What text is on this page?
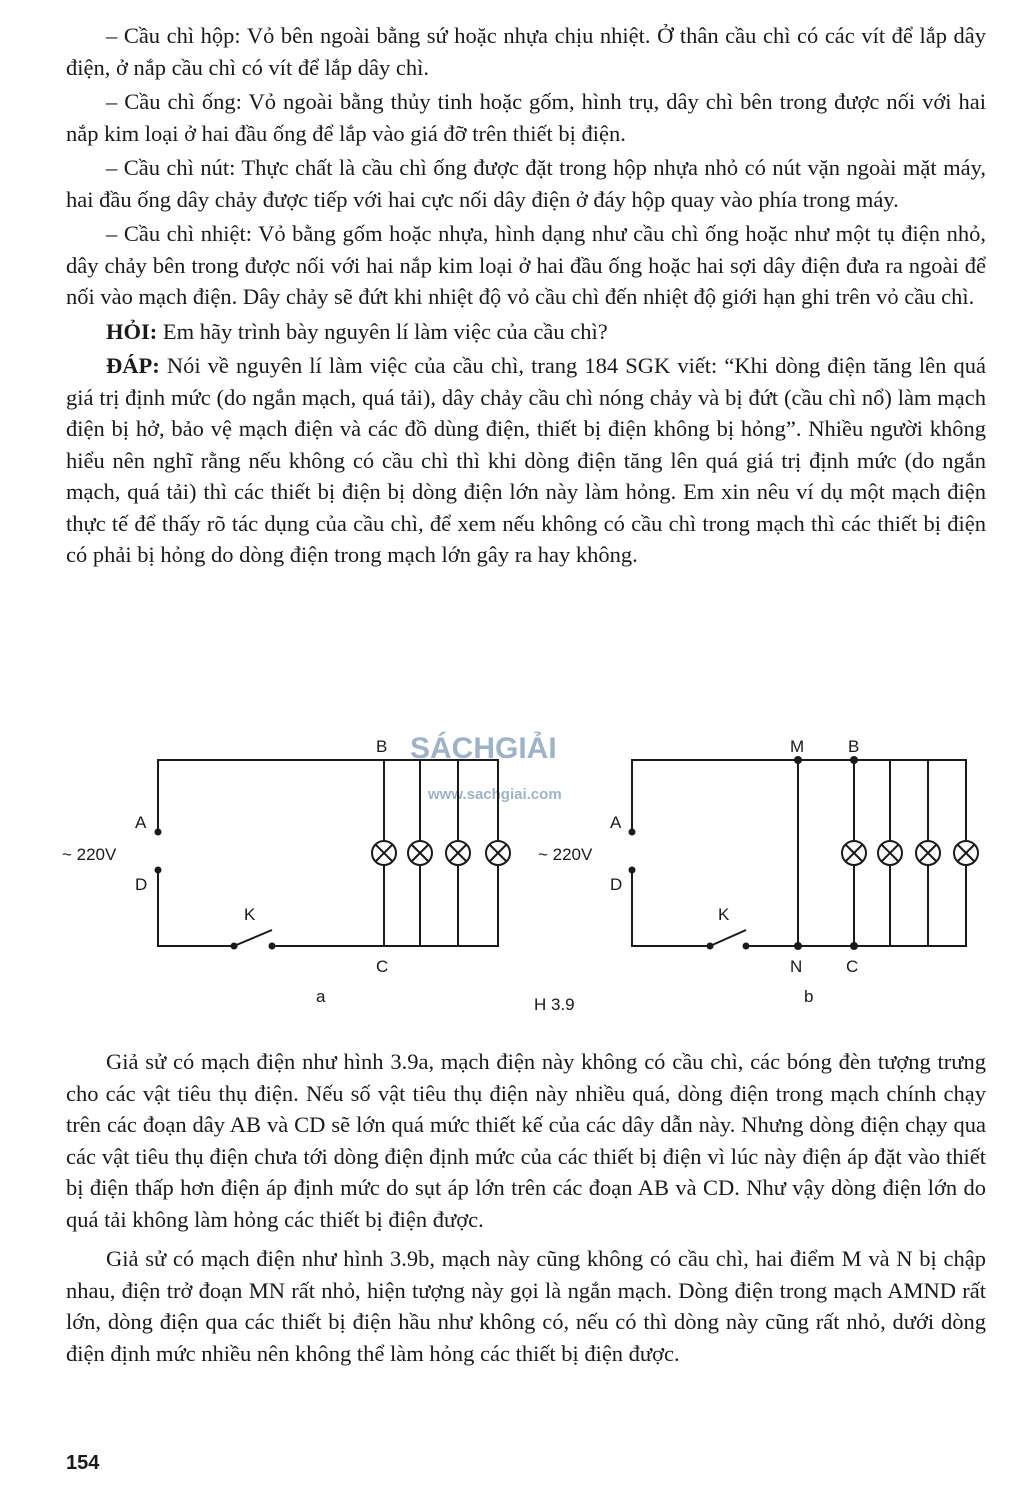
– Cầu chì hộp: Vỏ bên ngoài bằng sứ hoặc nhựa chịu nhiệt. Ở thân cầu chì có các vít để lắp dây điện, ở nắp cầu chì có vít để lắp dây chì.

– Cầu chì ống: Vỏ ngoài bằng thủy tinh hoặc gốm, hình trụ, dây chì bên trong được nối với hai nắp kim loại ở hai đầu ống để lắp vào giá đỡ trên thiết bị điện.

– Cầu chì nút: Thực chất là cầu chì ống được đặt trong hộp nhựa nhỏ có nút vặn ngoài mặt máy, hai đầu ống dây chảy được tiếp với hai cực nối dây điện ở đáy hộp quay vào phía trong máy.

– Cầu chì nhiệt: Vỏ bằng gốm hoặc nhựa, hình dạng như cầu chì ống hoặc như một tụ điện nhỏ, dây chảy bên trong được nối với hai nắp kim loại ở hai đầu ống hoặc hai sợi dây điện đưa ra ngoài để nối vào mạch điện. Dây chảy sẽ đứt khi nhiệt độ vỏ cầu chì đến nhiệt độ giới hạn ghi trên vỏ cầu chì.

HỎI: Em hãy trình bày nguyên lí làm việc của cầu chì?

ĐÁP: Nói về nguyên lí làm việc của cầu chì, trang 184 SGK viết: “Khi dòng điện tăng lên quá giá trị định mức (do ngắn mạch, quá tải), dây chảy cầu chì nóng chảy và bị đứt (cầu chì nổ) làm mạch điện bị hở, bảo vệ mạch điện và các đồ dùng điện, thiết bị điện không bị hỏng”. Nhiều người không hiểu nên nghĩ rằng nếu không có cầu chì thì khi dòng điện tăng lên quá giá trị định mức (do ngắn mạch, quá tải) thì các thiết bị điện bị dòng điện lớn này làm hỏng. Em xin nêu ví dụ một mạch điện thực tế để thấy rõ tác dụng của cầu chì, để xem nếu không có cầu chì trong mạch thì các thiết bị điện có phải bị hỏng do dòng điện trong mạch lớn gây ra hay không.

SÁCHGIẢI
www.sachgiai.com
A
D
~ 220V
B
C
K
a
A
D
~ 220V
M	B
N	C
K
b
H 3.9

Giả sử có mạch điện như hình 3.9a, mạch điện này không có cầu chì, các bóng đèn tượng trưng cho các vật tiêu thụ điện. Nếu số vật tiêu thụ điện này nhiều quá, dòng điện trong mạch chính chạy trên các đoạn dây AB và CD sẽ lớn quá mức thiết kế của các dây dẫn này. Nhưng dòng điện chạy qua các vật tiêu thụ điện chưa tới dòng điện định mức của các thiết bị điện vì lúc này điện áp đặt vào thiết bị điện thấp hơn điện áp định mức do sụt áp lớn trên các đoạn AB và CD. Như vậy dòng điện lớn do quá tải không làm hỏng các thiết bị điện được.

Giả sử có mạch điện như hình 3.9b, mạch này cũng không có cầu chì, hai điểm M và N bị chập nhau, điện trở đoạn MN rất nhỏ, hiện tượng này gọi là ngắn mạch. Dòng điện trong mạch AMND rất lớn, dòng điện qua các thiết bị điện hầu như không có, nếu có thì dòng này cũng rất nhỏ, dưới dòng điện định mức nhiều nên không thể làm hỏng các thiết bị điện được.

154
